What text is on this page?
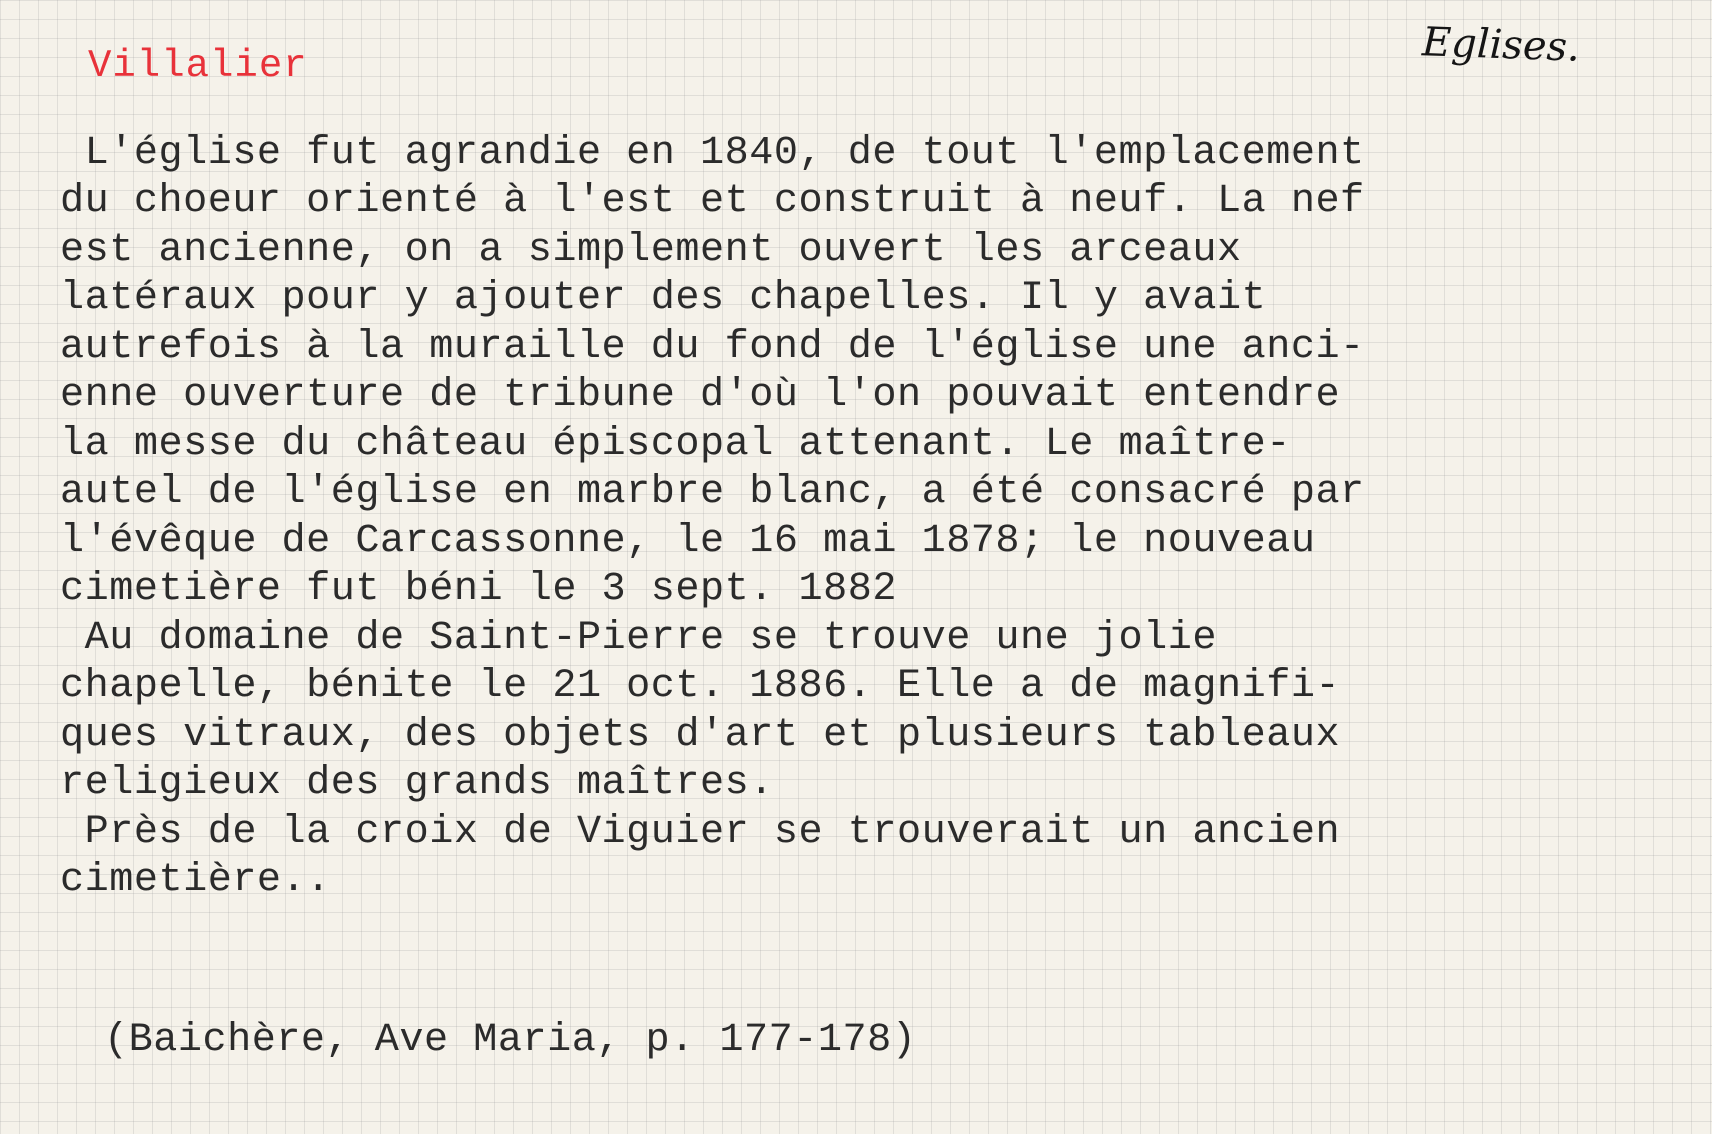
Villalier	Eglises.
L'église fut agrandie en 1840, de tout l'emplacement
du choeur orienté à l'est et construit à neuf. La nef
est ancienne, on a simplement ouvert les arceaux
latéraux pour y ajouter des chapelles. Il y avait
autrefois à la muraille du fond de l'église une anci-
enne ouverture de tribune d'où l'on pouvait entendre
la messe du château épiscopal attenant. Le maître-
autel de l'église en marbre blanc, a été consacré par
l'évêque de Carcassonne, le 16 mai 1878; le nouveau
cimetière fut béni le 3 sept. 1882
Au domaine de Saint-Pierre se trouve une jolie
chapelle, bénite le 21 oct. 1886. Elle a de magnifi-
ques vitraux, des objets d'art et plusieurs tableaux
religieux des grands maîtres.
Près de la croix de Viguier se trouverait un ancien
cimetière..
(Baichère, Ave Maria, p. 177-178)
